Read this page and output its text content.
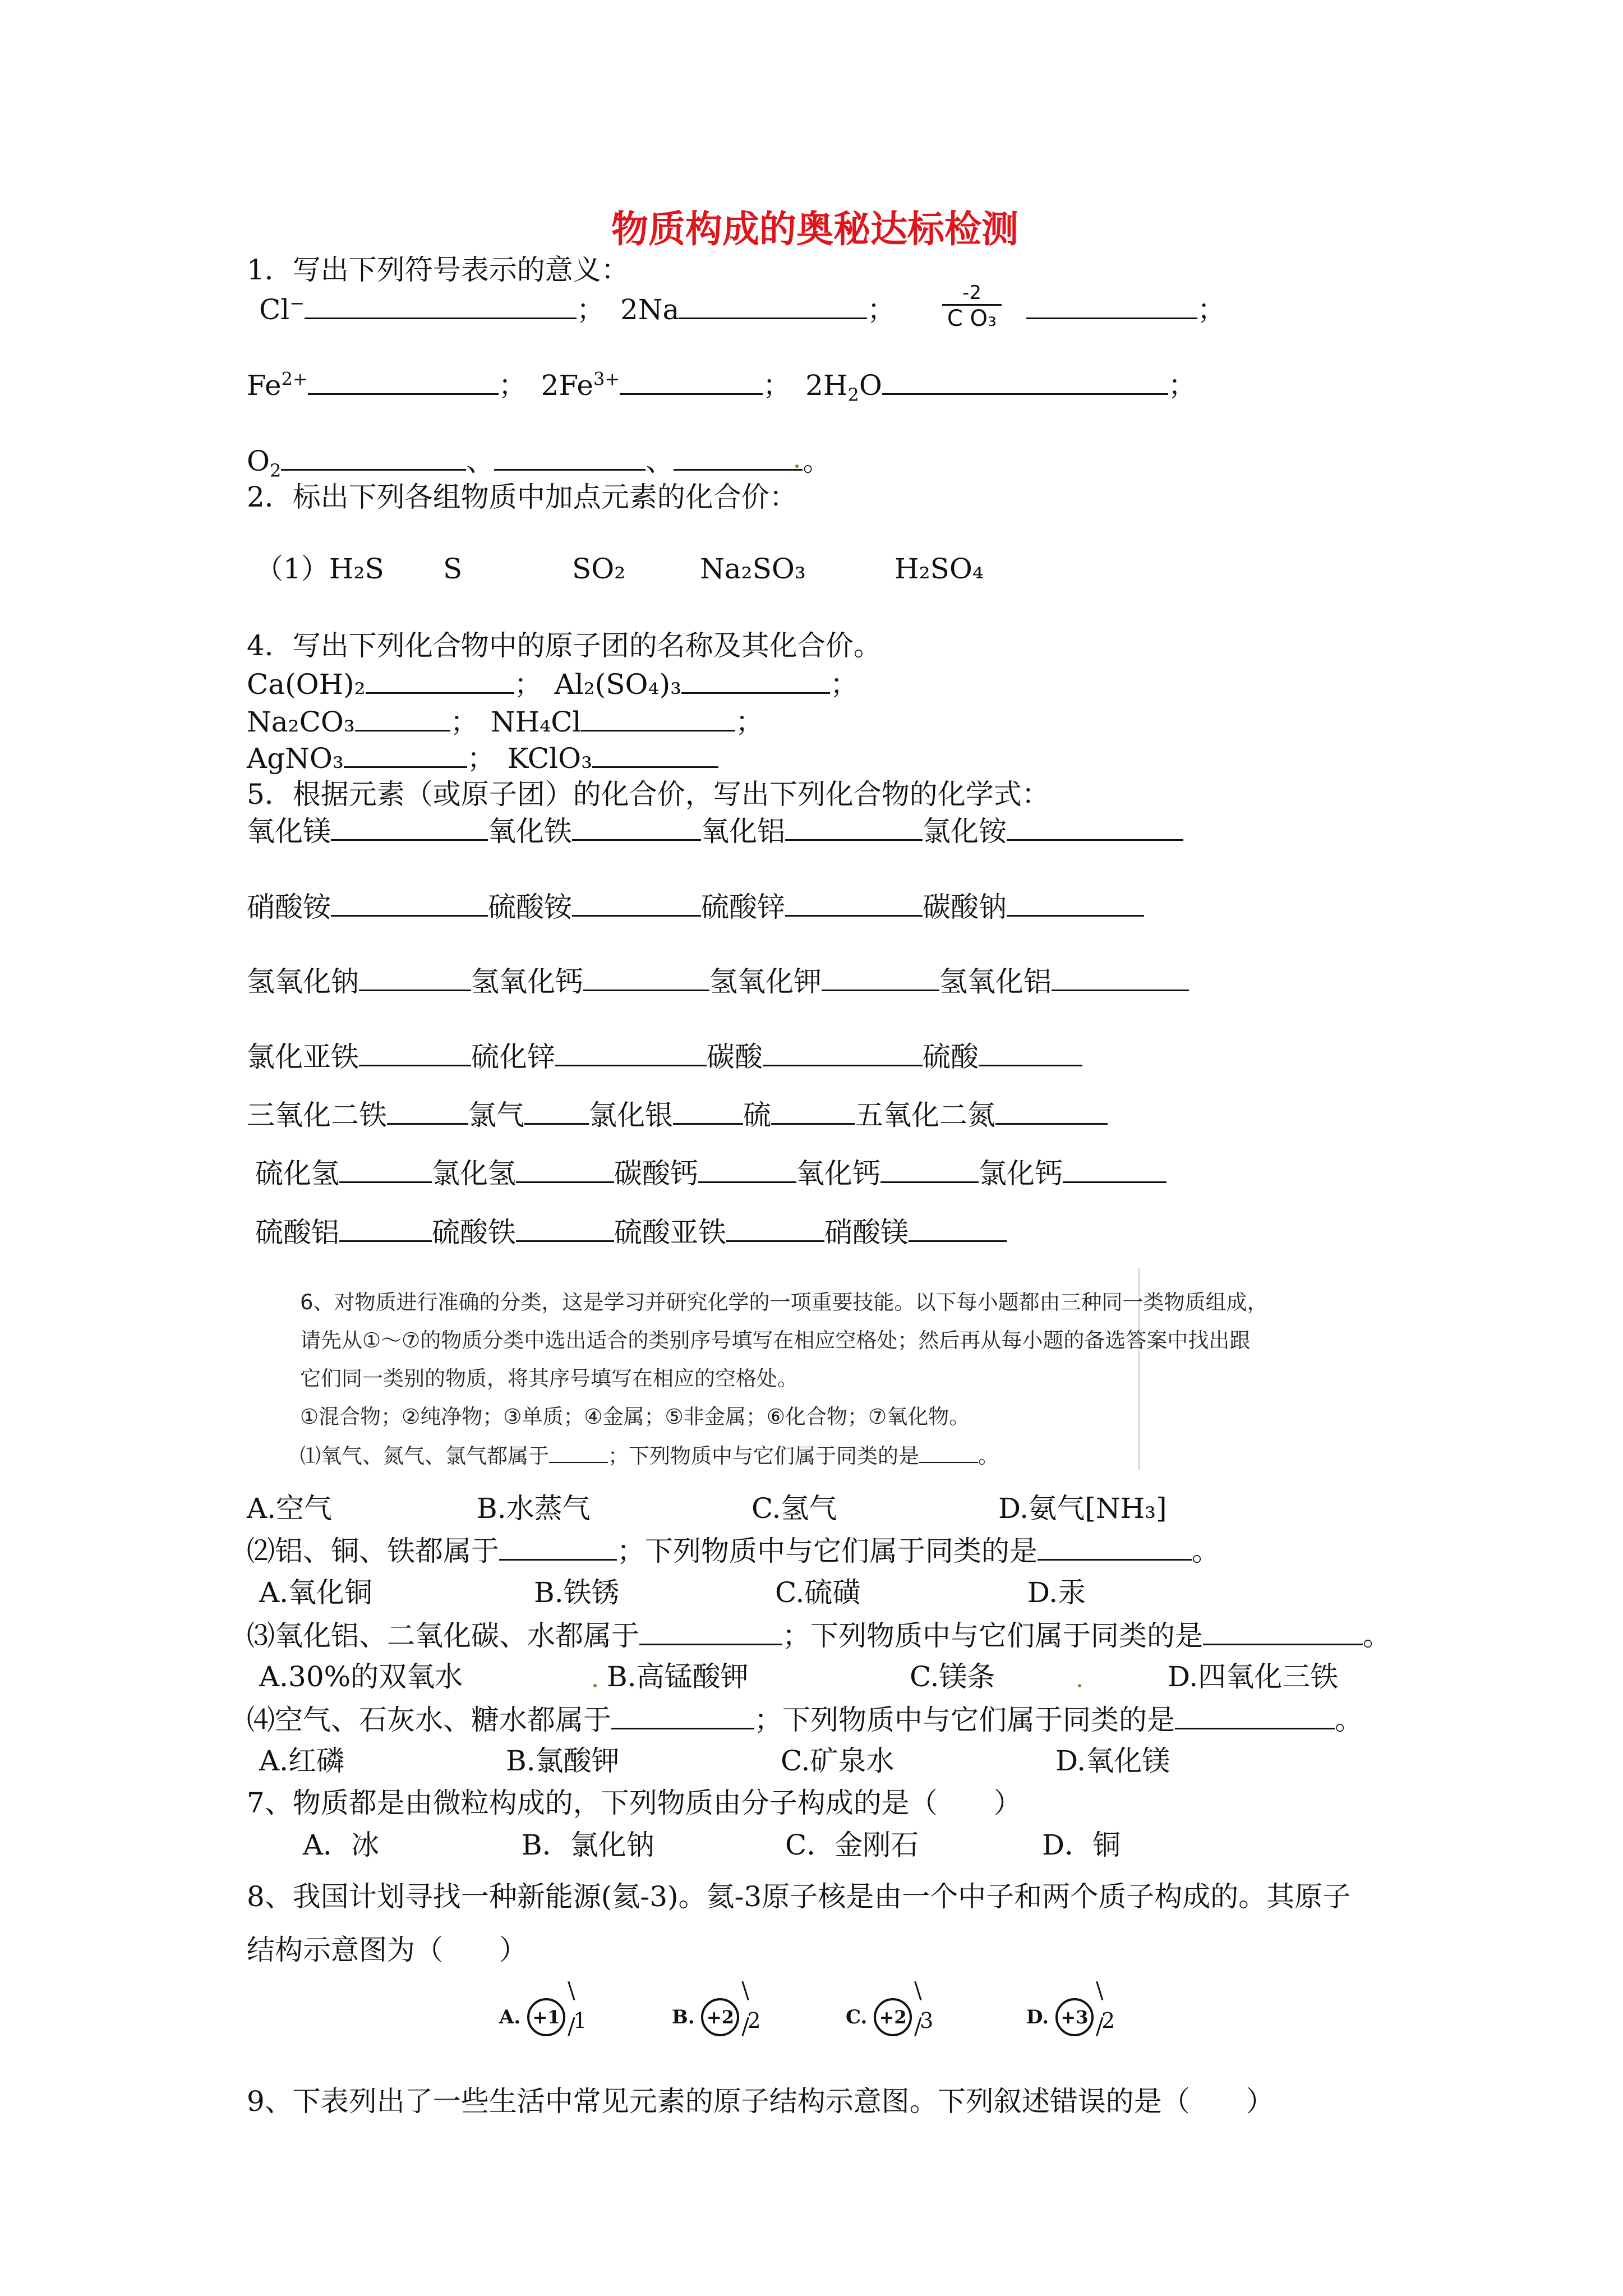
物质构成的奥秘达标检测
1．写出下列符号表示的意义：
Cl−	； 2Na	；
-2
C O₃	；
$Fe^{2+}$	； $2Fe^{3+}$	； $2H_2O$	；
$O_2$	、	、	。
2．标出下列各组物质中加点元素的化合价：
（1）H₂S S	SO₂	Na₂SO₃	H₂SO₄
4．写出下列化合物中的原子团的名称及其化合价。
Ca(OH)₂	； Al₂(SO₄)₃	；
Na₂CO₃	； NH₄Cl	；
AgNO₃	； KClO₃
5．根据元素（或原子团）的化合价，写出下列化合物的化学式：
氧化镁	氧化铁	氧化铝	氯化铵
硝酸铵	硫酸铵	硫酸锌	碳酸钠
氢氧化钠	氢氧化钙	氢氧化钾	氢氧化铝
氯化亚铁	硫化锌	碳酸	硫酸
三氧化二铁	氯气 氯化银	硫	五氧化二氮
硫化氢	氯化氢	碳酸钙	氧化钙	氯化钙
硫酸铝	硫酸铁	硫酸亚铁	硝酸镁
6、对物质进行准确的分类，这是学习并研究化学的一项重要技能。以下每小题都由三种同一类物质组成，
请先从①～⑦的物质分类中选出适合的类别序号填写在相应空格处；然后再从每小题的备选答案中找出跟
它们同一类别的物质，将其序号填写在相应的空格处。
①混合物；②纯净物；③单质；④金属；⑤非金属；⑥化合物；⑦氧化物。
⑴氧气、氮气、氯气都属于	；下列物质中与它们属于同类的是	。
A.空气	B.水蒸气	C.氢气	D.氨气[NH₃]
⑵铝、铜、铁都属于	；下列物质中与它们属于同类的是	。
A.氧化铜	B.铁锈	C.硫磺	D.汞
⑶氧化铝、二氧化碳、水都属于	；下列物质中与它们属于同类的是	。
A.30%的双氧水	B.高锰酸钾	C.镁条	D.四氧化三铁
⑷空气、石灰水、糖水都属于	；下列物质中与它们属于同类的是	。
A.红磷	B.氯酸钾	C.矿泉水	D.氧化镁
7、物质都是由微粒构成的，下列物质由分子构成的是（　　）
A．冰	B．氯化钠	C．金刚石	D．铜
8、我国计划寻找一种新能源(氦-3)。氦-3原子核是由一个中子和两个质子构成的。其原子
结构示意图为（　　）
A. +1
\
1
/	B. +2
\
2
/	C. +2
\
3
/	D. +3
\
2
/
9、下表列出了一些生活中常见元素的原子结构示意图。下列叙述错误的是（　　）
